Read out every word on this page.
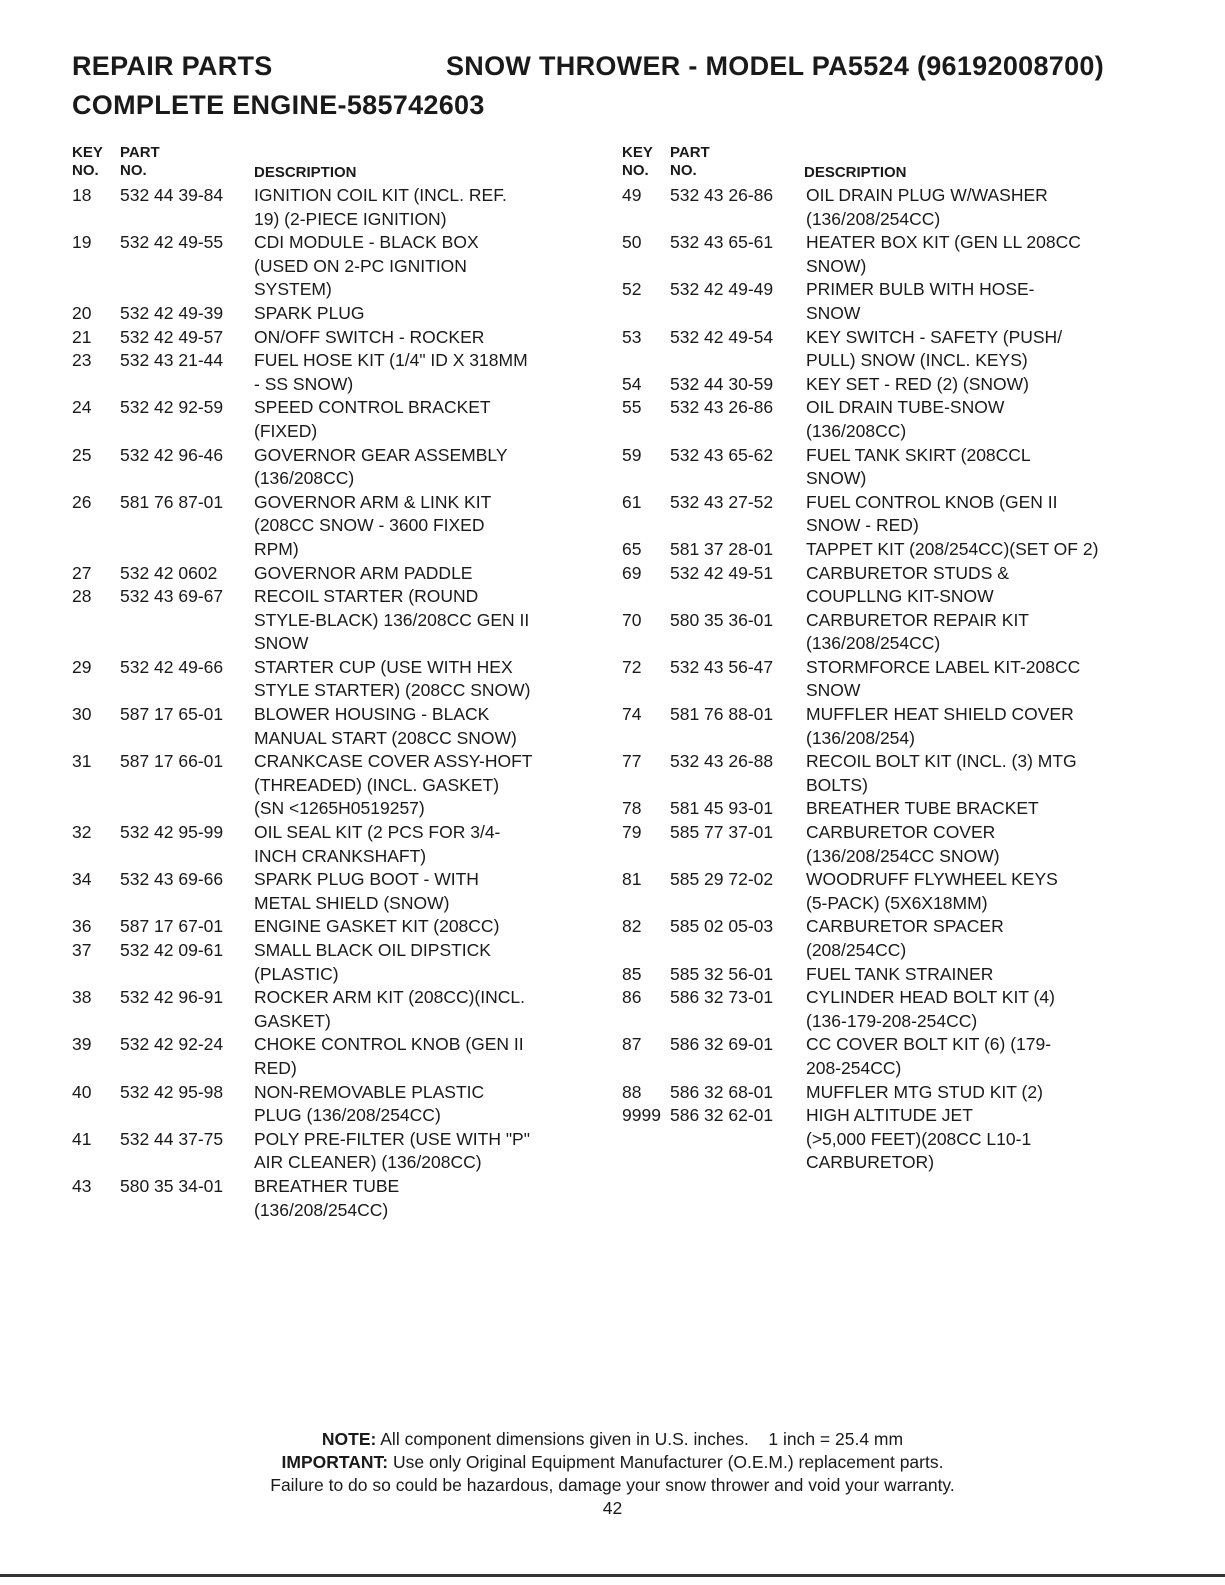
REPAIR PARTS	SNOW THROWER - MODEL PA5524 (96192008700)
COMPLETE ENGINE-585742603
KEY
NO.
PART
NO.	DESCRIPTION
18 532 44 39-84 IGNITION COIL KIT (INCL. REF.
19) (2-PIECE IGNITION)
19 532 42 49-55 CDI MODULE - BLACK BOX
(USED ON 2-PC IGNITION
SYSTEM)
20 532 42 49-39 SPARK PLUG
21 532 42 49-57 ON/OFF SWITCH - ROCKER
23 532 43 21-44 FUEL HOSE KIT (1/4" ID X 318MM
- SS SNOW)
24 532 42 92-59 SPEED CONTROL BRACKET
(FIXED)
25 532 42 96-46 GOVERNOR GEAR ASSEMBLY
(136/208CC)
26 581 76 87-01 GOVERNOR ARM & LINK KIT
(208CC SNOW - 3600 FIXED
RPM)
27 532 42 0602 GOVERNOR ARM PADDLE
28 532 43 69-67 RECOIL STARTER (ROUND
STYLE-BLACK) 136/208CC GEN II
SNOW
29 532 42 49-66 STARTER CUP (USE WITH HEX
STYLE STARTER) (208CC SNOW)
30 587 17 65-01 BLOWER HOUSING - BLACK
MANUAL START (208CC SNOW)
31 587 17 66-01 CRANKCASE COVER ASSY-HOFT
(THREADED) (INCL. GASKET)
(SN <1265H0519257)
32 532 42 95-99 OIL SEAL KIT (2 PCS FOR 3/4-
INCH CRANKSHAFT)
34 532 43 69-66 SPARK PLUG BOOT - WITH
METAL SHIELD (SNOW)
36 587 17 67-01 ENGINE GASKET KIT (208CC)
37 532 42 09-61 SMALL BLACK OIL DIPSTICK
(PLASTIC)
38 532 42 96-91 ROCKER ARM KIT (208CC)(INCL.
GASKET)
39 532 42 92-24 CHOKE CONTROL KNOB (GEN II
RED)
40 532 42 95-98 NON-REMOVABLE PLASTIC
PLUG (136/208/254CC)
41 532 44 37-75 POLY PRE-FILTER (USE WITH "P"
AIR CLEANER) (136/208CC)
43 580 35 34-01 BREATHER TUBE
(136/208/254CC)
KEY
NO.
PART
NO.	DESCRIPTION
49 532 43 26-86 OIL DRAIN PLUG W/WASHER
(136/208/254CC)
50 532 43 65-61 HEATER BOX KIT (GEN LL 208CC
SNOW)
52 532 42 49-49 PRIMER BULB WITH HOSE-
SNOW
53 532 42 49-54 KEY SWITCH - SAFETY (PUSH/
PULL) SNOW (INCL. KEYS)
54 532 44 30-59 KEY SET - RED (2) (SNOW)
55 532 43 26-86 OIL DRAIN TUBE-SNOW
(136/208CC)
59 532 43 65-62 FUEL TANK SKIRT (208CCL
SNOW)
61 532 43 27-52 FUEL CONTROL KNOB (GEN II
SNOW - RED)
65 581 37 28-01 TAPPET KIT (208/254CC)(SET OF 2)
69 532 42 49-51 CARBURETOR STUDS &
COUPLLNG KIT-SNOW
70 580 35 36-01 CARBURETOR REPAIR KIT
(136/208/254CC)
72 532 43 56-47 STORMFORCE LABEL KIT-208CC
SNOW
74 581 76 88-01 MUFFLER HEAT SHIELD COVER
(136/208/254)
77 532 43 26-88 RECOIL BOLT KIT (INCL. (3) MTG
BOLTS)
78 581 45 93-01 BREATHER TUBE BRACKET
79 585 77 37-01 CARBURETOR COVER
(136/208/254CC SNOW)
81 585 29 72-02 WOODRUFF FLYWHEEL KEYS
(5-PACK) (5X6X18MM)
82 585 02 05-03 CARBURETOR SPACER
(208/254CC)
85 585 32 56-01 FUEL TANK STRAINER
86 586 32 73-01 CYLINDER HEAD BOLT KIT (4)
(136-179-208-254CC)
87 586 32 69-01 CC COVER BOLT KIT (6) (179-
208-254CC)
88 586 32 68-01 MUFFLER MTG STUD KIT (2)
9999 586 32 62-01 HIGH ALTITUDE JET
(>5,000 FEET)(208CC L10-1
CARBURETOR)
NOTE: All component dimensions given in U.S. inches.    1 inch = 25.4 mm
IMPORTANT: Use only Original Equipment Manufacturer (O.E.M.) replacement parts.
Failure to do so could be hazardous, damage your snow thrower and void your warranty.
42
